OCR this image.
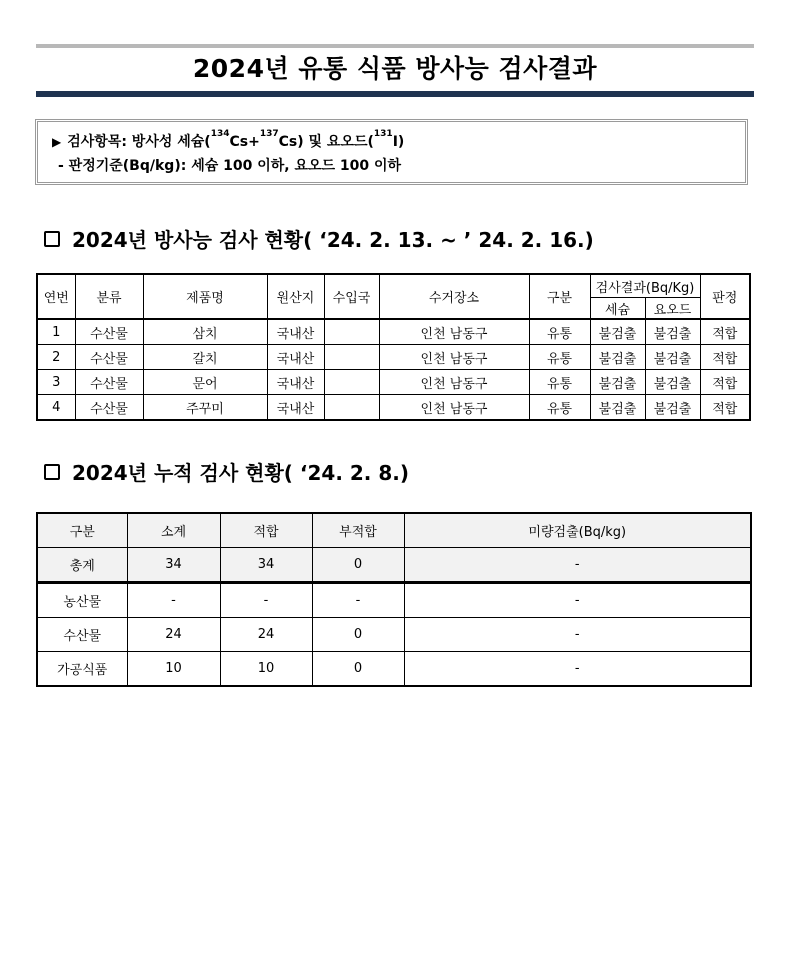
2024년 유통 식품 방사능 검사결과
▶ 검사항목: 방사성 세슘($^{134}$Cs+$^{137}$Cs) 및 요오드($^{131}$I)
- 판정기준(Bq/kg): 세슘 100 이하, 요오드 100 이하
2024년 방사능 검사 현황( ‘24. 2. 13. ~ ’ 24. 2. 16.)
연번	분류	제품명	원산지	수입국	수거장소	구분	검사결과(Bq/Kg)		판정
							세슘	요오드	
1	수산물	삼치	국내산		인천 남동구	유통	불검출	불검출	적합
2	수산물	갈치	국내산		인천 남동구	유통	불검출	불검출	적합
3	수산물	문어	국내산		인천 남동구	유통	불검출	불검출	적합
4	수산물	주꾸미	국내산		인천 남동구	유통	불검출	불검출	적합
2024년 누적 검사 현황( ‘24. 2. 8.)
구분	소계	적합	부적합	미량검출(Bq/kg)
총계	34	34	0	-
농산물	-	-	-	-
수산물	24	24	0	-
가공식품	10	10	0	-
